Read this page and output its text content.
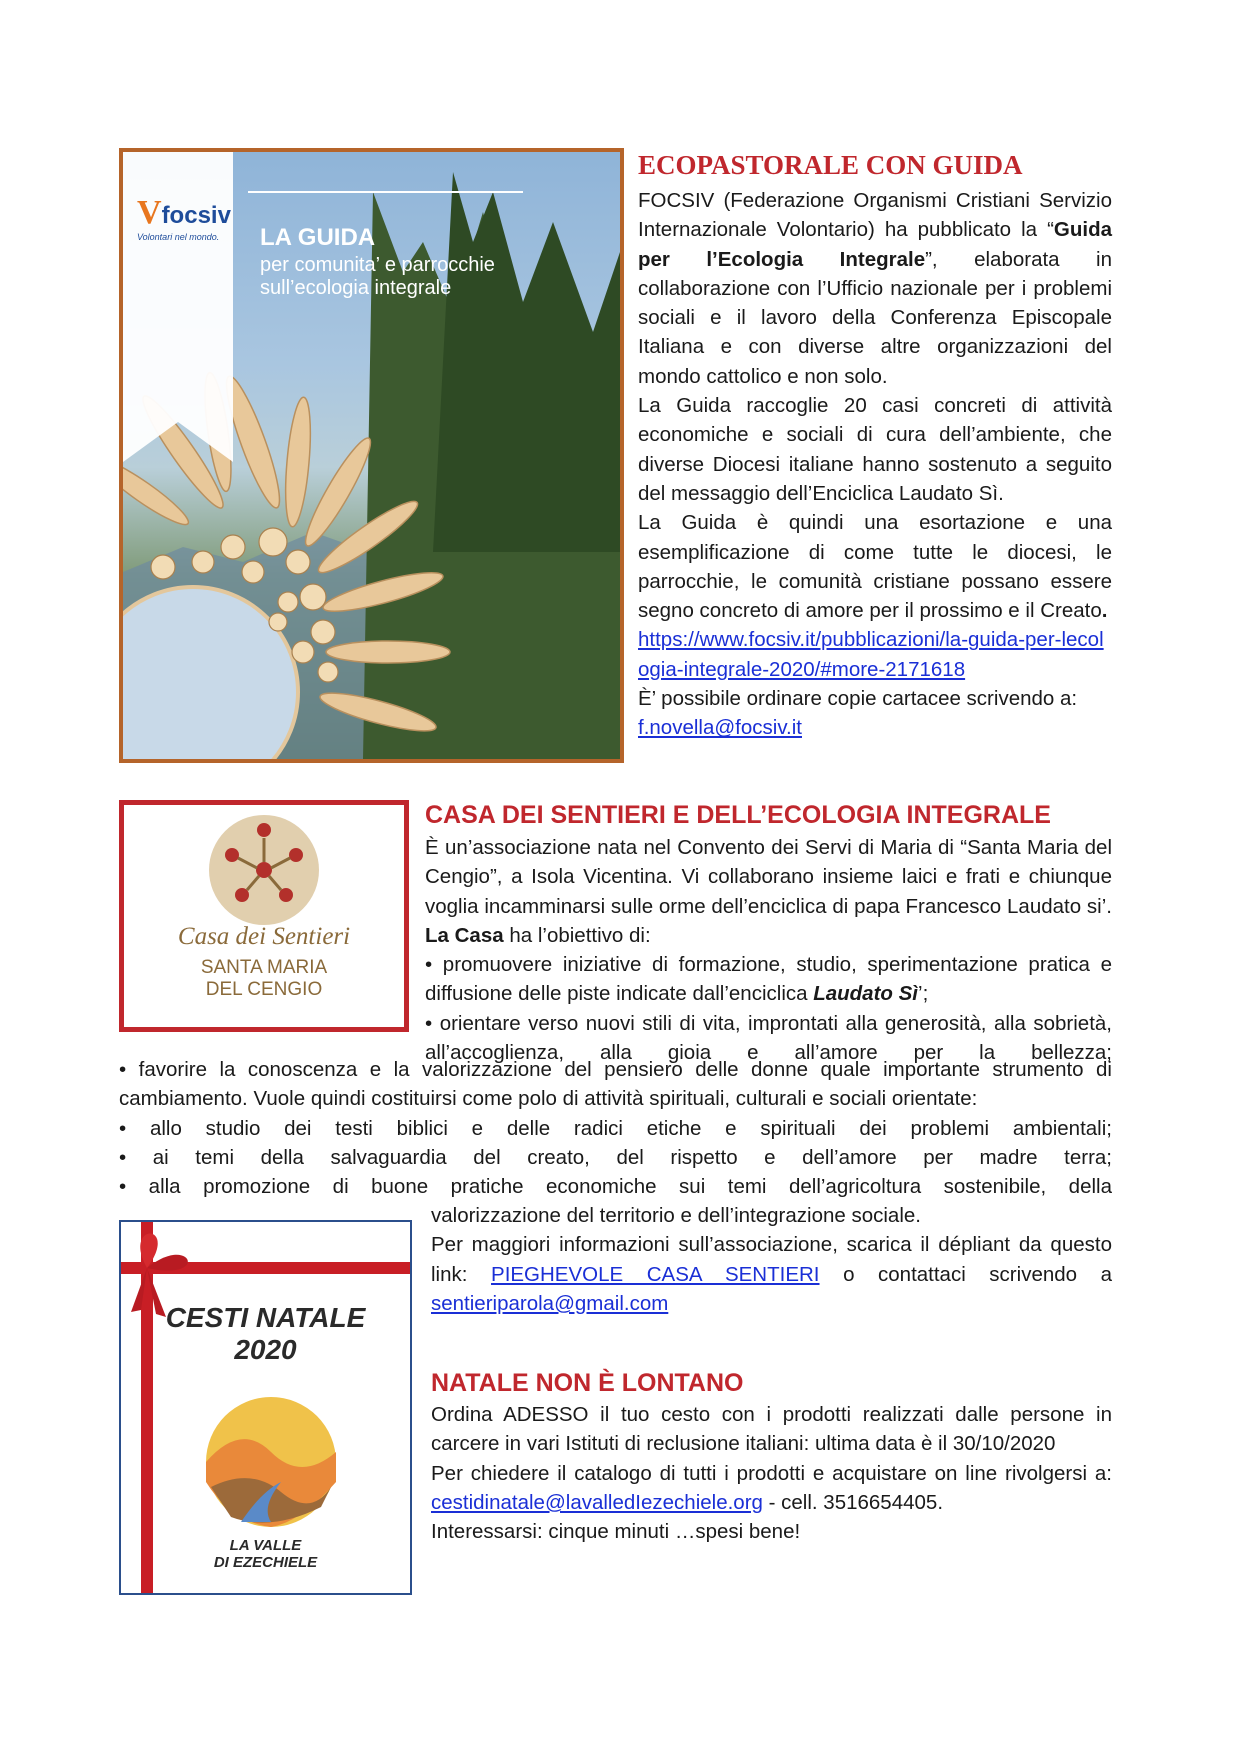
Vfocsiv
Volontari nel mondo.	LA GUIDA
per comunita’ e parrocchie
sull’ecologia integrale
ECOPASTORALE CON GUIDA

FOCSIV (Federazione Organismi Cristiani Servizio Internazionale Volontario) ha pubblicato la “Guida per l’Ecologia Integrale”, elaborata in collaborazione con l’Ufficio nazionale per i problemi sociali e il lavoro della Conferenza Episcopale Italiana e con diverse altre organizzazioni del mondo cattolico e non solo.

La Guida raccoglie 20 casi concreti di attività economiche e sociali di cura dell’ambiente, che diverse Diocesi italiane hanno sostenuto a seguito del messaggio dell’Enciclica Laudato Sì.

La Guida è quindi una esortazione e una esemplificazione di come tutte le diocesi, le parrocchie, le comunità cristiane possano essere segno concreto di amore per il prossimo e il Creato.

https://www.focsiv.it/pubblicazioni/la-guida-per-lecologia-integrale-2020/#more-2171618

È’ possibile ordinare copie cartacee scrivendo a: f.novella@focsiv.it

Casa dei Sentieri
SANTA MARIA
DEL CENGIO
CASA DEI SENTIERI E DELL’ECOLOGIA INTEGRALE

È un’associazione nata nel Convento dei Servi di Maria di “Santa Maria del Cengio”, a Isola Vicentina. Vi collaborano insieme laici e frati e chiunque voglia incamminarsi sulle orme dell’enciclica di papa Francesco Laudato si’. La Casa ha l’obiettivo di:

• promuovere iniziative di formazione, studio, sperimentazione pratica e diffusione delle piste indicate dall’enciclica Laudato Sì’;

• orientare verso nuovi stili di vita, improntati alla generosità, alla sobrietà, all’accoglienza, alla gioia e all’amore per la bellezza;

• favorire la conoscenza e la valorizzazione del pensiero delle donne quale importante strumento di cambiamento. Vuole quindi costituirsi come polo di attività spirituali, culturali e sociali orientate:

• allo studio dei testi biblici e delle radici etiche e spirituali dei problemi ambientali;

• ai temi della salvaguardia del creato, del rispetto e dell’amore per madre terra;

• alla promozione di buone pratiche economiche sui temi dell’agricoltura sostenibile, della

CESTI NATALE
2020
LA VALLE
DI EZECHIELE

valorizzazione del territorio e dell’integrazione sociale.

Per maggiori informazioni sull’associazione, scarica il dépliant da questo link: PIEGHEVOLE CASA SENTIERI o contattaci scrivendo a sentieriparola@gmail.com

NATALE NON È LONTANO

Ordina ADESSO il tuo cesto con i prodotti realizzati dalle persone in carcere in vari Istituti di reclusione italiani: ultima data è il 30/10/2020

Per chiedere il catalogo di tutti i prodotti e acquistare on line rivolgersi a: cestidinatale@lavalledIezechiele.org - cell. 3516654405.

Interessarsi: cinque minuti …spesi bene!
